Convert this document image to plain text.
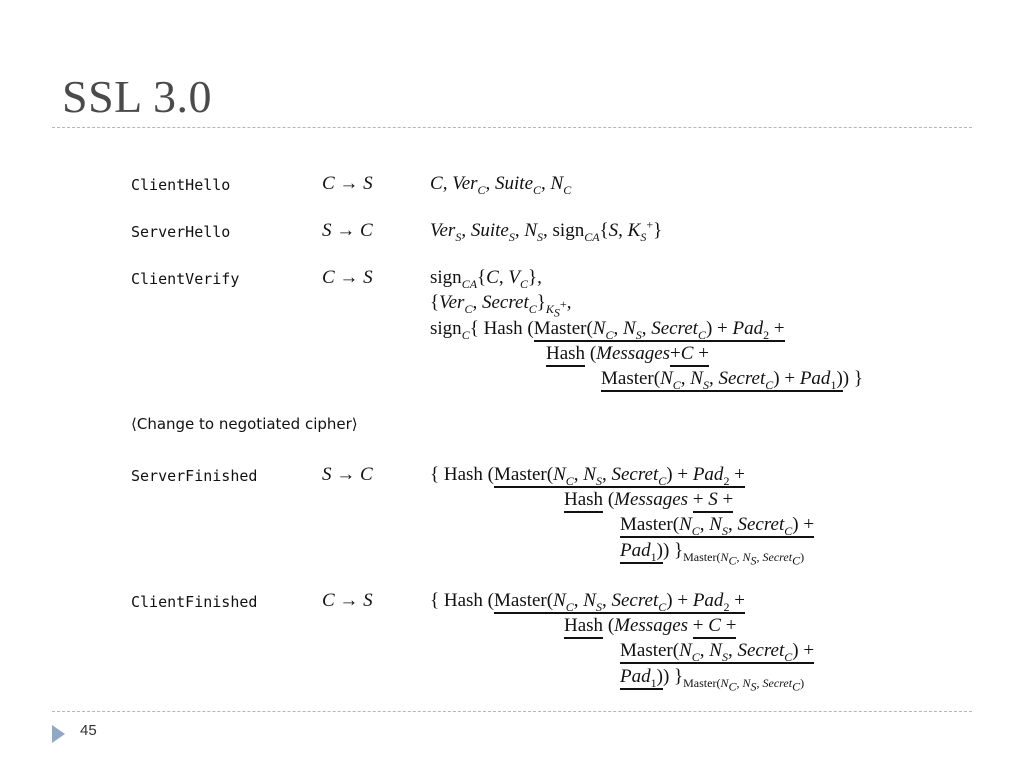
SSL 3.0
ClientHello	C → S	C, Ver$_C$, Suite$_C$, $N_C$
ServerHello	S → C	Ver$_S$, Suite$_S$, $N_S$, sign$_{CA}${S, $K_S^+$}
ClientVerify	C → S	sign$_{CA}${C, $V_C$},
{Ver$_C$, $Secret_C\}_{K_S^+}$,
sign$_C${ Hash ($Master(N_C$, $N_S$, Secret$_C$) + Pad$_2$ +
Hash (Messages+C +
$Master(N_C$, $N_S$, Secret$_C$) + Pad$_1$)) }
⟨Change to negotiated cipher⟩
ServerFinished	S → C	{ Hash ($Master(N_C$, $N_S$, Secret$_C$) + Pad$_2$ +
Hash (Messages + S +
$Master(N_C$, $N_S$, Secret$_C$) +
Pad$_1$)) }$_{Master(N_C, N_S, Secret_C)}$
ClientFinished	C → S	{ Hash ($Master(N_C$, $N_S$, Secret$_C$) + Pad$_2$ +
Hash (Messages + C +
$Master(N_C$, $N_S$, Secret$_C$) +
Pad$_1$)) }$_{Master(N_C, N_S, Secret_C)}$
45
